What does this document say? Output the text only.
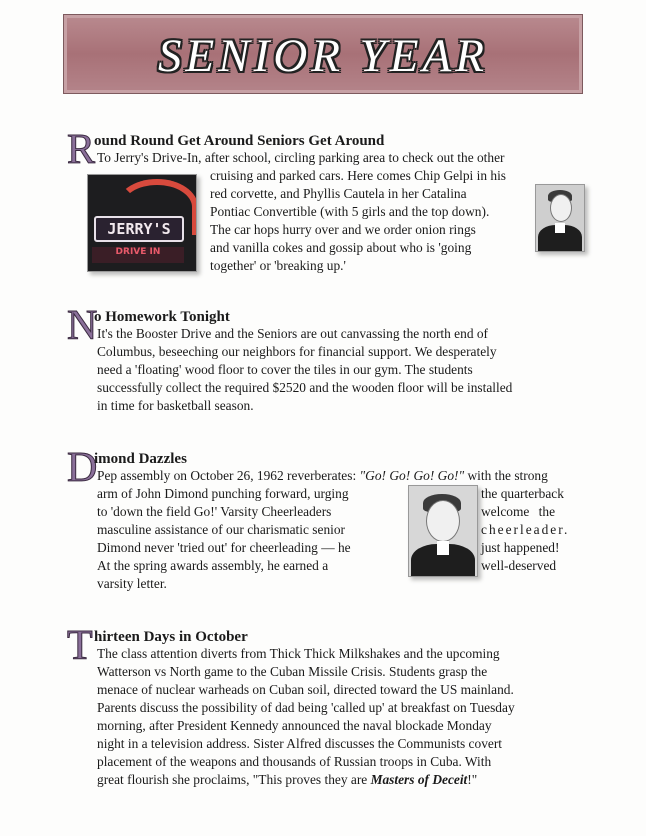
SENIOR YEAR
R
ound Round Get Around Seniors Get Around
To Jerry's Drive-In, after school, circling parking area to check out the other
cruising and parked cars. Here comes Chip Gelpi in his
red corvette, and Phyllis Cautela in her Catalina
Pontiac Convertible (with 5 girls and the top down).
The car hops hurry over and we order onion rings
and vanilla cokes and gossip about who is 'going
together' or 'breaking up.'
JERRY'S
DRIVE IN
N
o Homework Tonight
It's the Booster Drive and the Seniors are out canvassing the north end of
Columbus, beseeching our neighbors for financial support. We desperately
need a 'floating' wood floor to cover the tiles in our gym. The students
successfully collect the required $2520 and the wooden floor will be installed
in time for basketball season.
D
imond Dazzles
Pep assembly on October 26, 1962 reverberates: "Go! Go! Go! Go!" with the strong
arm of John Dimond punching forward, urging
to 'down the field Go!' Varsity Cheerleaders
masculine assistance of our charismatic senior
Dimond never 'tried out' for cheerleading — he
At the spring awards assembly, he earned a
varsity letter.
the quarterback
welcome the
cheerleader.
just happened!
well-deserved
T hirteen Days in October
The class attention diverts from Thick Thick Milkshakes and the upcoming
Watterson vs North game to the Cuban Missile Crisis. Students grasp the
menace of nuclear warheads on Cuban soil, directed toward the US mainland.
Parents discuss the possibility of dad being 'called up' at breakfast on Tuesday
morning, after President Kennedy announced the naval blockade Monday
night in a television address. Sister Alfred discusses the Communists covert
placement of the weapons and thousands of Russian troops in Cuba. With
great flourish she proclaims, "This proves they are Masters of Deceit!"
